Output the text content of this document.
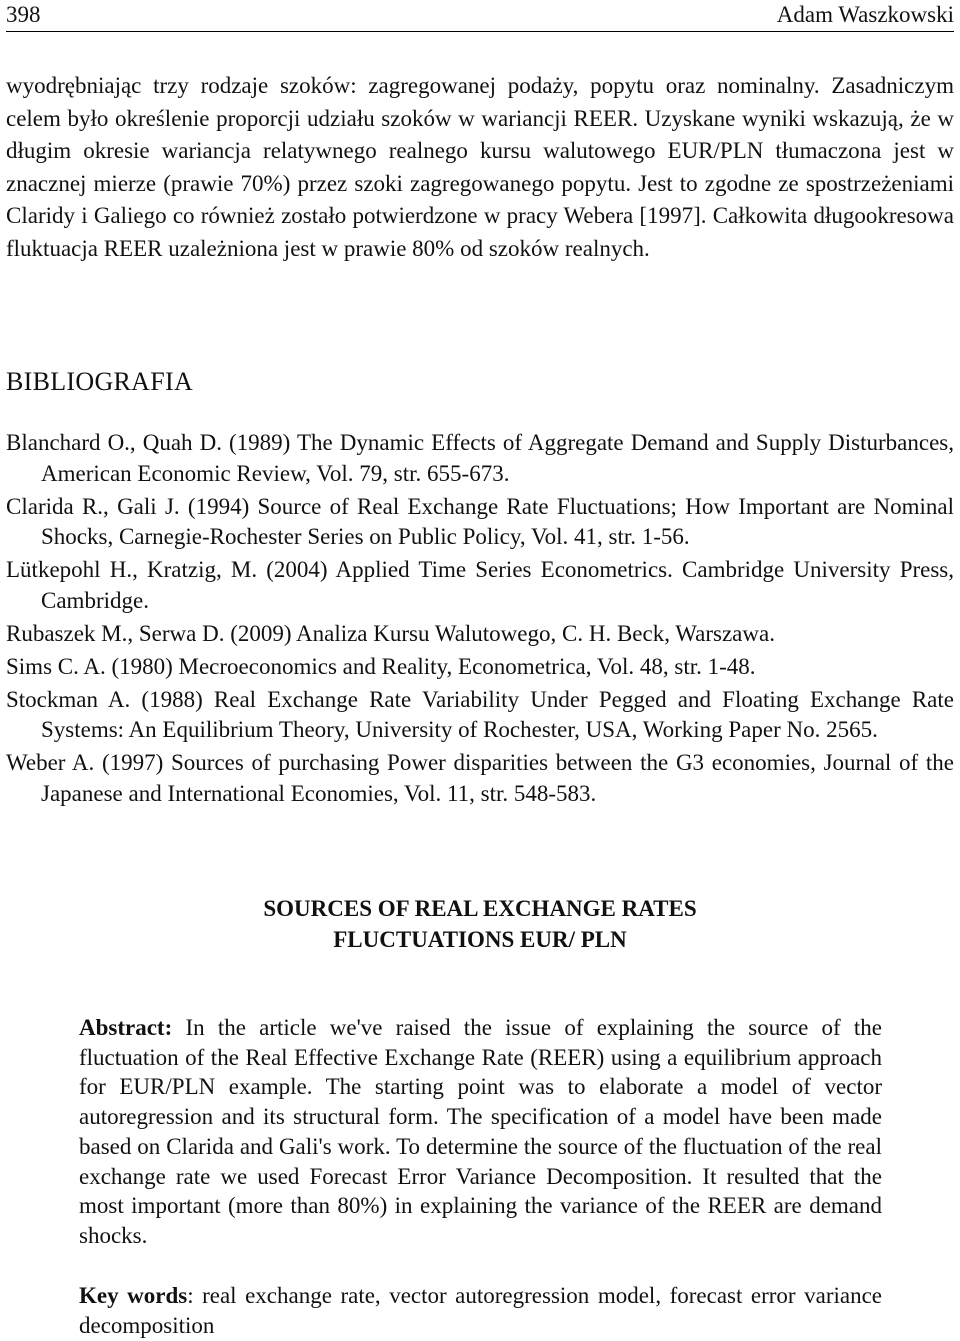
398	Adam Waszkowski

wyodrębniając trzy rodzaje szoków: zagregowanej podaży, popytu oraz nominalny. Zasadniczym celem było określenie proporcji udziału szoków w wariancji REER. Uzyskane wyniki wskazują, że w długim okresie wariancja relatywnego realnego kursu walutowego EUR/PLN tłumaczona jest w znacznej mierze (prawie 70%) przez szoki zagregowanego popytu. Jest to zgodne ze spostrzeżeniami Claridy i Galiego co również zostało potwierdzone w pracy Webera [1997]. Całkowita długookresowa fluktuacja REER uzależniona jest w prawie 80% od szoków realnych.

BIBLIOGRAFIA
Blanchard O., Quah D. (1989) The Dynamic Effects of Aggregate Demand and Supply Disturbances, American Economic Review, Vol. 79, str. 655-673.
Clarida R., Gali J. (1994) Source of Real Exchange Rate Fluctuations; How Important are Nominal Shocks, Carnegie-Rochester Series on Public Policy, Vol. 41, str. 1-56.
Lütkepohl H., Kratzig, M. (2004) Applied Time Series Econometrics. Cambridge University Press, Cambridge.
Rubaszek M., Serwa D. (2009) Analiza Kursu Walutowego, C. H. Beck, Warszawa.
Sims C. A. (1980) Mecroeconomics and Reality, Econometrica, Vol. 48, str. 1-48.
Stockman A. (1988) Real Exchange Rate Variability Under Pegged and Floating Exchange Rate Systems: An Equilibrium Theory, University of Rochester, USA, Working Paper No. 2565.
Weber A. (1997) Sources of purchasing Power disparities between the G3 economies, Journal of the Japanese and International Economies, Vol. 11, str. 548-583.
SOURCES OF REAL EXCHANGE RATES
FLUCTUATIONS EUR/ PLN

Abstract: In the article we've raised the issue of explaining the source of the fluctuation of the Real Effective Exchange Rate (REER) using a equilibrium approach for EUR/PLN example. The starting point was to elaborate a model of vector autoregression and its structural form. The specification of a model have been made based on Clarida and Gali's work. To determine the source of the fluctuation of the real exchange rate we used Forecast Error Variance Decomposition. It resulted that the most important (more than 80%) in explaining the variance of the REER are demand shocks.

Key words: real exchange rate, vector autoregression model, forecast error variance decomposition
